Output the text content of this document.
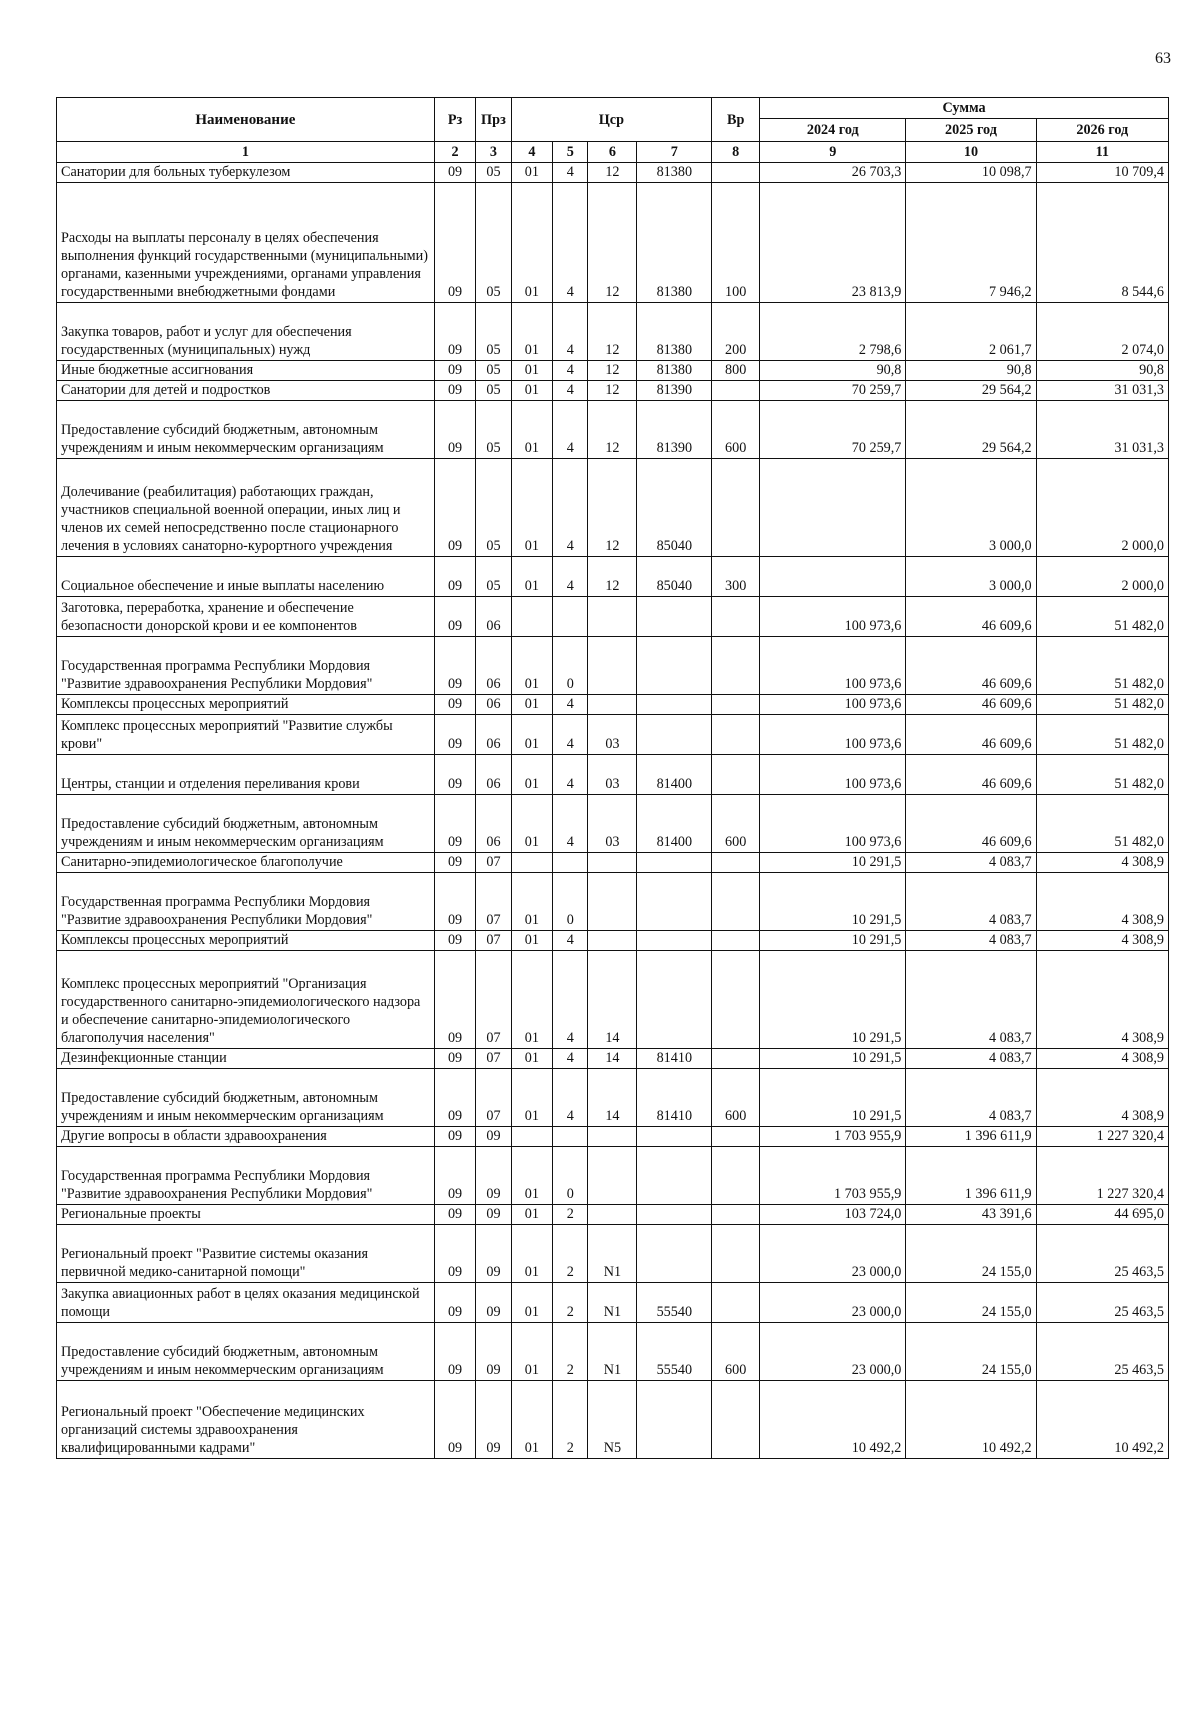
63
Наименование	Рз	Прз	Цср				Вр	Сумма		
								2024 год	2025 год	2026 год
1	2	3	4	5	6	7	8	9	10	11
Санатории для больных туберкулезом	09	05	01	4	12	81380		26 703,3	10 098,7	10 709,4
Расходы на выплаты персоналу в целях обеспечения выполнения функций государственными (муниципальными) органами, казенными учреждениями, органами управления государственными внебюджетными фондами	09	05	01	4	12	81380	100	23 813,9	7 946,2	8 544,6
Закупка товаров, работ и услуг для обеспечения государственных (муниципальных) нужд	09	05	01	4	12	81380	200	2 798,6	2 061,7	2 074,0
Иные бюджетные ассигнования	09	05	01	4	12	81380	800	90,8	90,8	90,8
Санатории для детей и подростков	09	05	01	4	12	81390		70 259,7	29 564,2	31 031,3
Предоставление субсидий бюджетным, автономным учреждениям и иным некоммерческим организациям	09	05	01	4	12	81390	600	70 259,7	29 564,2	31 031,3
Долечивание (реабилитация) работающих граждан, участников специальной военной операции, иных лиц и членов их семей непосредственно после стационарного лечения в условиях санаторно-курортного учреждения	09	05	01	4	12	85040			3 000,0	2 000,0
Социальное обеспечение и иные выплаты населению	09	05	01	4	12	85040	300		3 000,0	2 000,0
Заготовка, переработка, хранение и обеспечение безопасности донорской крови и ее компонентов	09	06						100 973,6	46 609,6	51 482,0
Государственная программа Республики Мордовия "Развитие здравоохранения Республики Мордовия"	09	06	01	0				100 973,6	46 609,6	51 482,0
Комплексы процессных мероприятий	09	06	01	4				100 973,6	46 609,6	51 482,0
Комплекс процессных мероприятий "Развитие службы крови"	09	06	01	4	03			100 973,6	46 609,6	51 482,0
Центры, станции и отделения переливания крови	09	06	01	4	03	81400		100 973,6	46 609,6	51 482,0
Предоставление субсидий бюджетным, автономным учреждениям и иным некоммерческим организациям	09	06	01	4	03	81400	600	100 973,6	46 609,6	51 482,0
Санитарно-эпидемиологическое благополучие	09	07						10 291,5	4 083,7	4 308,9
Государственная программа Республики Мордовия "Развитие здравоохранения Республики Мордовия"	09	07	01	0				10 291,5	4 083,7	4 308,9
Комплексы процессных мероприятий	09	07	01	4				10 291,5	4 083,7	4 308,9
Комплекс процессных мероприятий "Организация государственного санитарно-эпидемиологического надзора и обеспечение санитарно-эпидемиологического благополучия населения"	09	07	01	4	14			10 291,5	4 083,7	4 308,9
Дезинфекционные станции	09	07	01	4	14	81410		10 291,5	4 083,7	4 308,9
Предоставление субсидий бюджетным, автономным учреждениям и иным некоммерческим организациям	09	07	01	4	14	81410	600	10 291,5	4 083,7	4 308,9
Другие вопросы в области здравоохранения	09	09						1 703 955,9	1 396 611,9	1 227 320,4
Государственная программа Республики Мордовия "Развитие здравоохранения Республики Мордовия"	09	09	01	0				1 703 955,9	1 396 611,9	1 227 320,4
Региональные проекты	09	09	01	2				103 724,0	43 391,6	44 695,0
Региональный проект "Развитие системы оказания первичной медико-санитарной помощи"	09	09	01	2	N1			23 000,0	24 155,0	25 463,5
Закупка авиационных работ в целях оказания медицинской помощи	09	09	01	2	N1	55540		23 000,0	24 155,0	25 463,5
Предоставление субсидий бюджетным, автономным учреждениям и иным некоммерческим организациям	09	09	01	2	N1	55540	600	23 000,0	24 155,0	25 463,5
Региональный проект "Обеспечение медицинских организаций системы здравоохранения квалифицированными кадрами"	09	09	01	2	N5			10 492,2	10 492,2	10 492,2
